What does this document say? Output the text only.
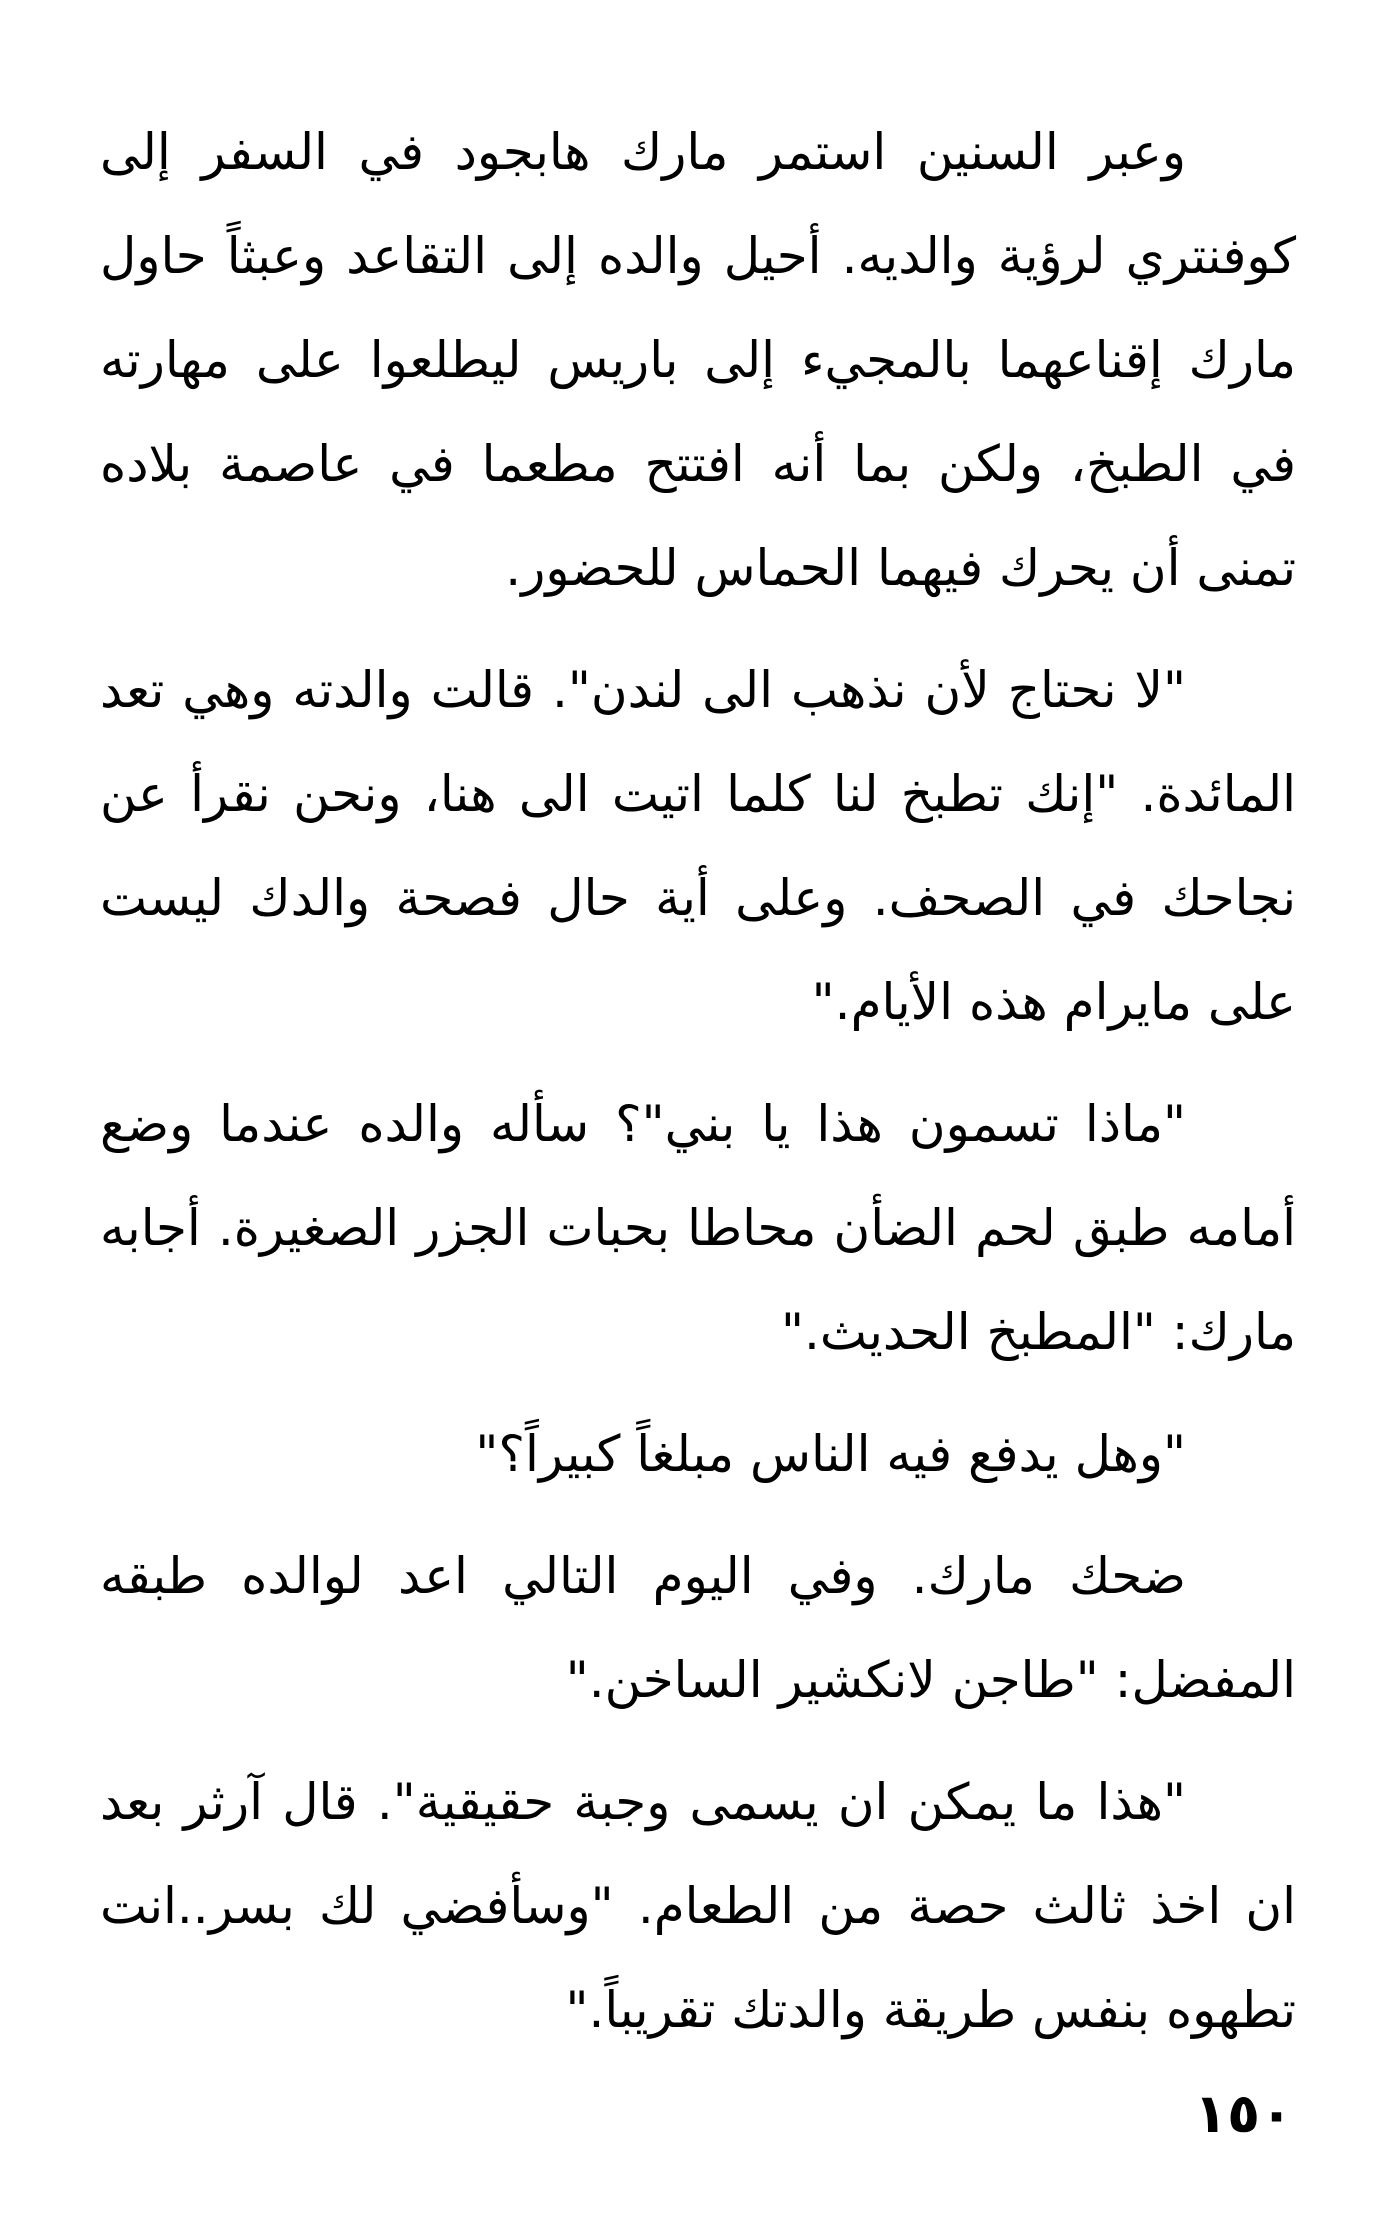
وعبر السنين استمر مارك هابجود في السفر إلى كوفنتري لرؤية والديه. أحيل والده إلى التقاعد وعبثاً حاول مارك إقناعهما بالمجيء إلى باريس ليطلعوا على مهارته في الطبخ، ولكن بما أنه افتتح مطعما في عاصمة بلاده تمنى أن يحرك فيهما الحماس للحضور.

"لا نحتاج لأن نذهب الى لندن". قالت والدته وهي تعد المائدة. "إنك تطبخ لنا كلما اتيت الى هنا، ونحن نقرأ عن نجاحك في الصحف. وعلى أية حال فصحة والدك ليست على مايرام هذه الأيام."

"ماذا تسمون هذا يا بني"؟ سأله والده عندما وضع أمامه طبق لحم الضأن محاطا بحبات الجزر الصغيرة. أجابه مارك: "المطبخ الحديث."

"وهل يدفع فيه الناس مبلغاً كبيراً؟"

ضحك مارك. وفي اليوم التالي اعد لوالده طبقه المفضل: "طاجن لانكشير الساخن."

"هذا ما يمكن ان يسمى وجبة حقيقية". قال آرثر بعد ان اخذ ثالث حصة من الطعام. "وسأفضي لك بسر..انت تطهوه بنفس طريقة والدتك تقريباً."

١٥٠
